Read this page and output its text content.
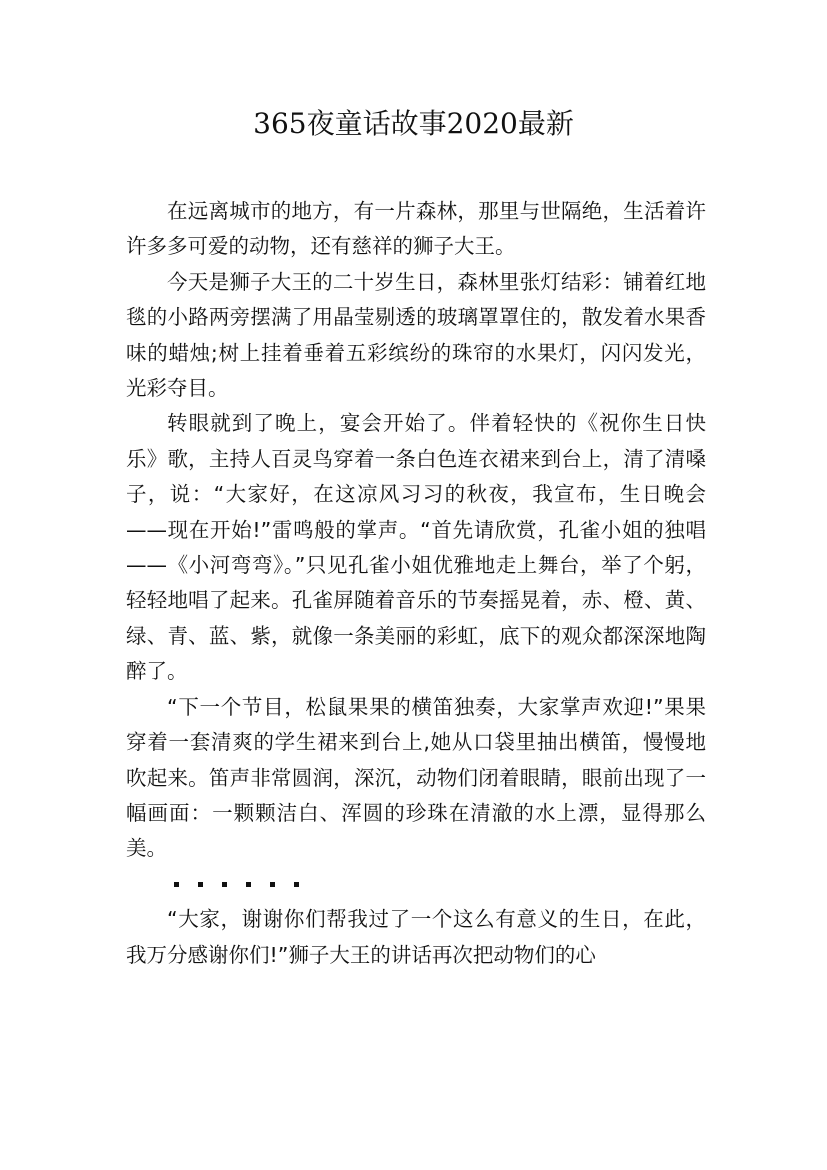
365夜童话故事2020最新

在远离城市的地方，有一片森林，那里与世隔绝，生活着许许多多可爱的动物，还有慈祥的狮子大王。

今天是狮子大王的二十岁生日，森林里张灯结彩：铺着红地毯的小路两旁摆满了用晶莹剔透的玻璃罩罩住的，散发着水果香味的蜡烛;树上挂着垂着五彩缤纷的珠帘的水果灯，闪闪发光，光彩夺目。

转眼就到了晚上，宴会开始了。伴着轻快的《祝你生日快乐》歌，主持人百灵鸟穿着一条白色连衣裙来到台上，清了清嗓子，说：“大家好，在这凉风习习的秋夜，我宣布，生日晚会——现在开始!”雷鸣般的掌声。“首先请欣赏，孔雀小姐的独唱——《小河弯弯》。”只见孔雀小姐优雅地走上舞台，举了个躬，轻轻地唱了起来。孔雀屏随着音乐的节奏摇晃着，赤、橙、黄、绿、青、蓝、紫，就像一条美丽的彩虹，底下的观众都深深地陶醉了。

“下一个节目，松鼠果果的横笛独奏，大家掌声欢迎!”果果穿着一套清爽的学生裙来到台上,她从口袋里抽出横笛，慢慢地吹起来。笛声非常圆润，深沉，动物们闭着眼睛，眼前出现了一幅画面：一颗颗洁白、浑圆的珍珠在清澈的水上漂，显得那么美。

“大家，谢谢你们帮我过了一个这么有意义的生日，在此，我万分感谢你们!”狮子大王的讲话再次把动物们的心
